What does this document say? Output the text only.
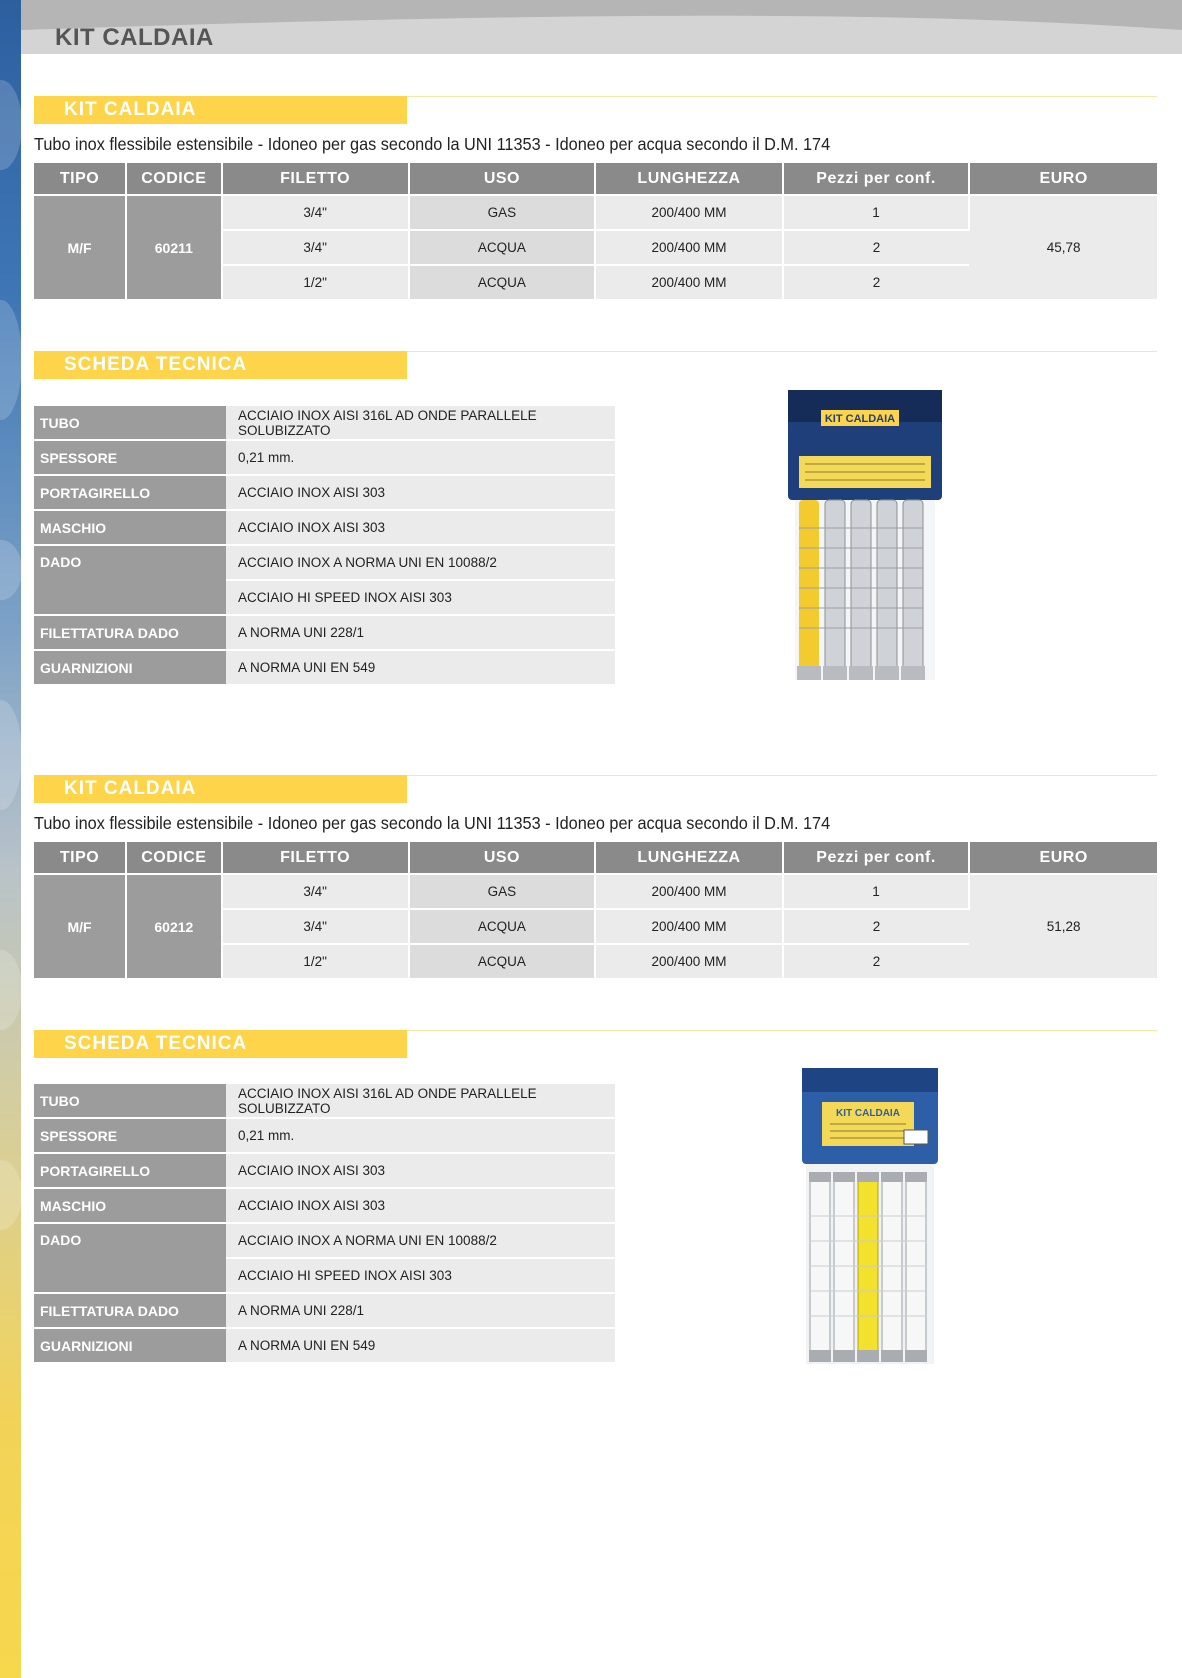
KIT CALDAIA
KIT CALDAIA
Tubo inox flessibile estensibile - Idoneo per gas secondo la UNI 11353 - Idoneo per acqua secondo il D.M. 174
TIPO	CODICE	FILETTO	USO	LUNGHEZZA	Pezzi per conf.	EURO
M/F	60211	3/4"	GAS	200/400 MM	1	45,78
		3/4"	ACQUA	200/400 MM	2	
		1/2"	ACQUA	200/400 MM	2	
SCHEDA TECNICA
TUBO	ACCIAIO INOX AISI 316L AD ONDE PARALLELE SOLUBIZZATO
SPESSORE	0,21 mm.
PORTAGIRELLO	ACCIAIO INOX AISI 303
MASCHIO	ACCIAIO INOX AISI 303
DADO	ACCIAIO INOX A NORMA UNI EN 10088/2
	ACCIAIO HI SPEED INOX AISI 303
FILETTATURA DADO	A NORMA UNI 228/1
GUARNIZIONI	A NORMA UNI EN 549
KIT CALDAIA
KIT CALDAIA
Tubo inox flessibile estensibile - Idoneo per gas secondo la UNI 11353 - Idoneo per acqua secondo il D.M. 174
TIPO	CODICE	FILETTO	USO	LUNGHEZZA	Pezzi per conf.	EURO
M/F	60212	3/4"	GAS	200/400 MM	1	51,28
		3/4"	ACQUA	200/400 MM	2	
		1/2"	ACQUA	200/400 MM	2	
SCHEDA TECNICA
TUBO	ACCIAIO INOX AISI 316L AD ONDE PARALLELE SOLUBIZZATO
SPESSORE	0,21 mm.
PORTAGIRELLO	ACCIAIO INOX AISI 303
MASCHIO	ACCIAIO INOX AISI 303
DADO	ACCIAIO INOX A NORMA UNI EN 10088/2
	ACCIAIO HI SPEED INOX AISI 303
FILETTATURA DADO	A NORMA UNI 228/1
GUARNIZIONI	A NORMA UNI EN 549
KIT CALDAIA
